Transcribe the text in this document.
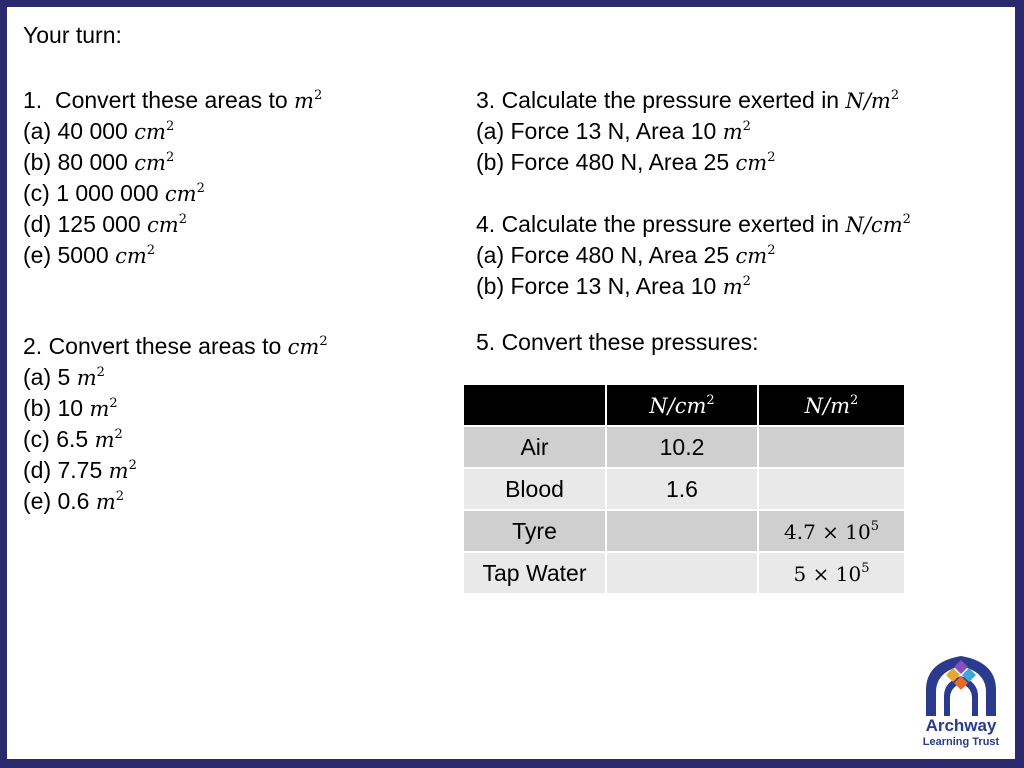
Your turn:
1. Convert these areas to $m^2$
(a) 40 000 $cm^2$
(b) 80 000 $cm^2$
(c) 1 000 000 $cm^2$
(d) 125 000 $cm^2$
(e) 5000 $cm^2$
2. Convert these areas to $cm^2$
(a) 5 $m^2$
(b) 10 $m^2$
(c) 6.5 $m^2$
(d) 7.75 $m^2$
(e) 0.6 $m^2$
3. Calculate the pressure exerted in $N/m^2$
(a) Force 13 N, Area 10 $m^2$
(b) Force 480 N, Area 25 $cm^2$
4. Calculate the pressure exerted in $N/cm^2$
(a) Force 480 N, Area 25 $cm^2$
(b) Force 13 N, Area 10 $m^2$
5. Convert these pressures:
	$N/cm^2$	$N/m^2$
Air	10.2	
Blood	1.6	
Tyre		$4.7 \times 10^5$
Tap Water		$5 \times 10^5$
Archway
Learning Trust
